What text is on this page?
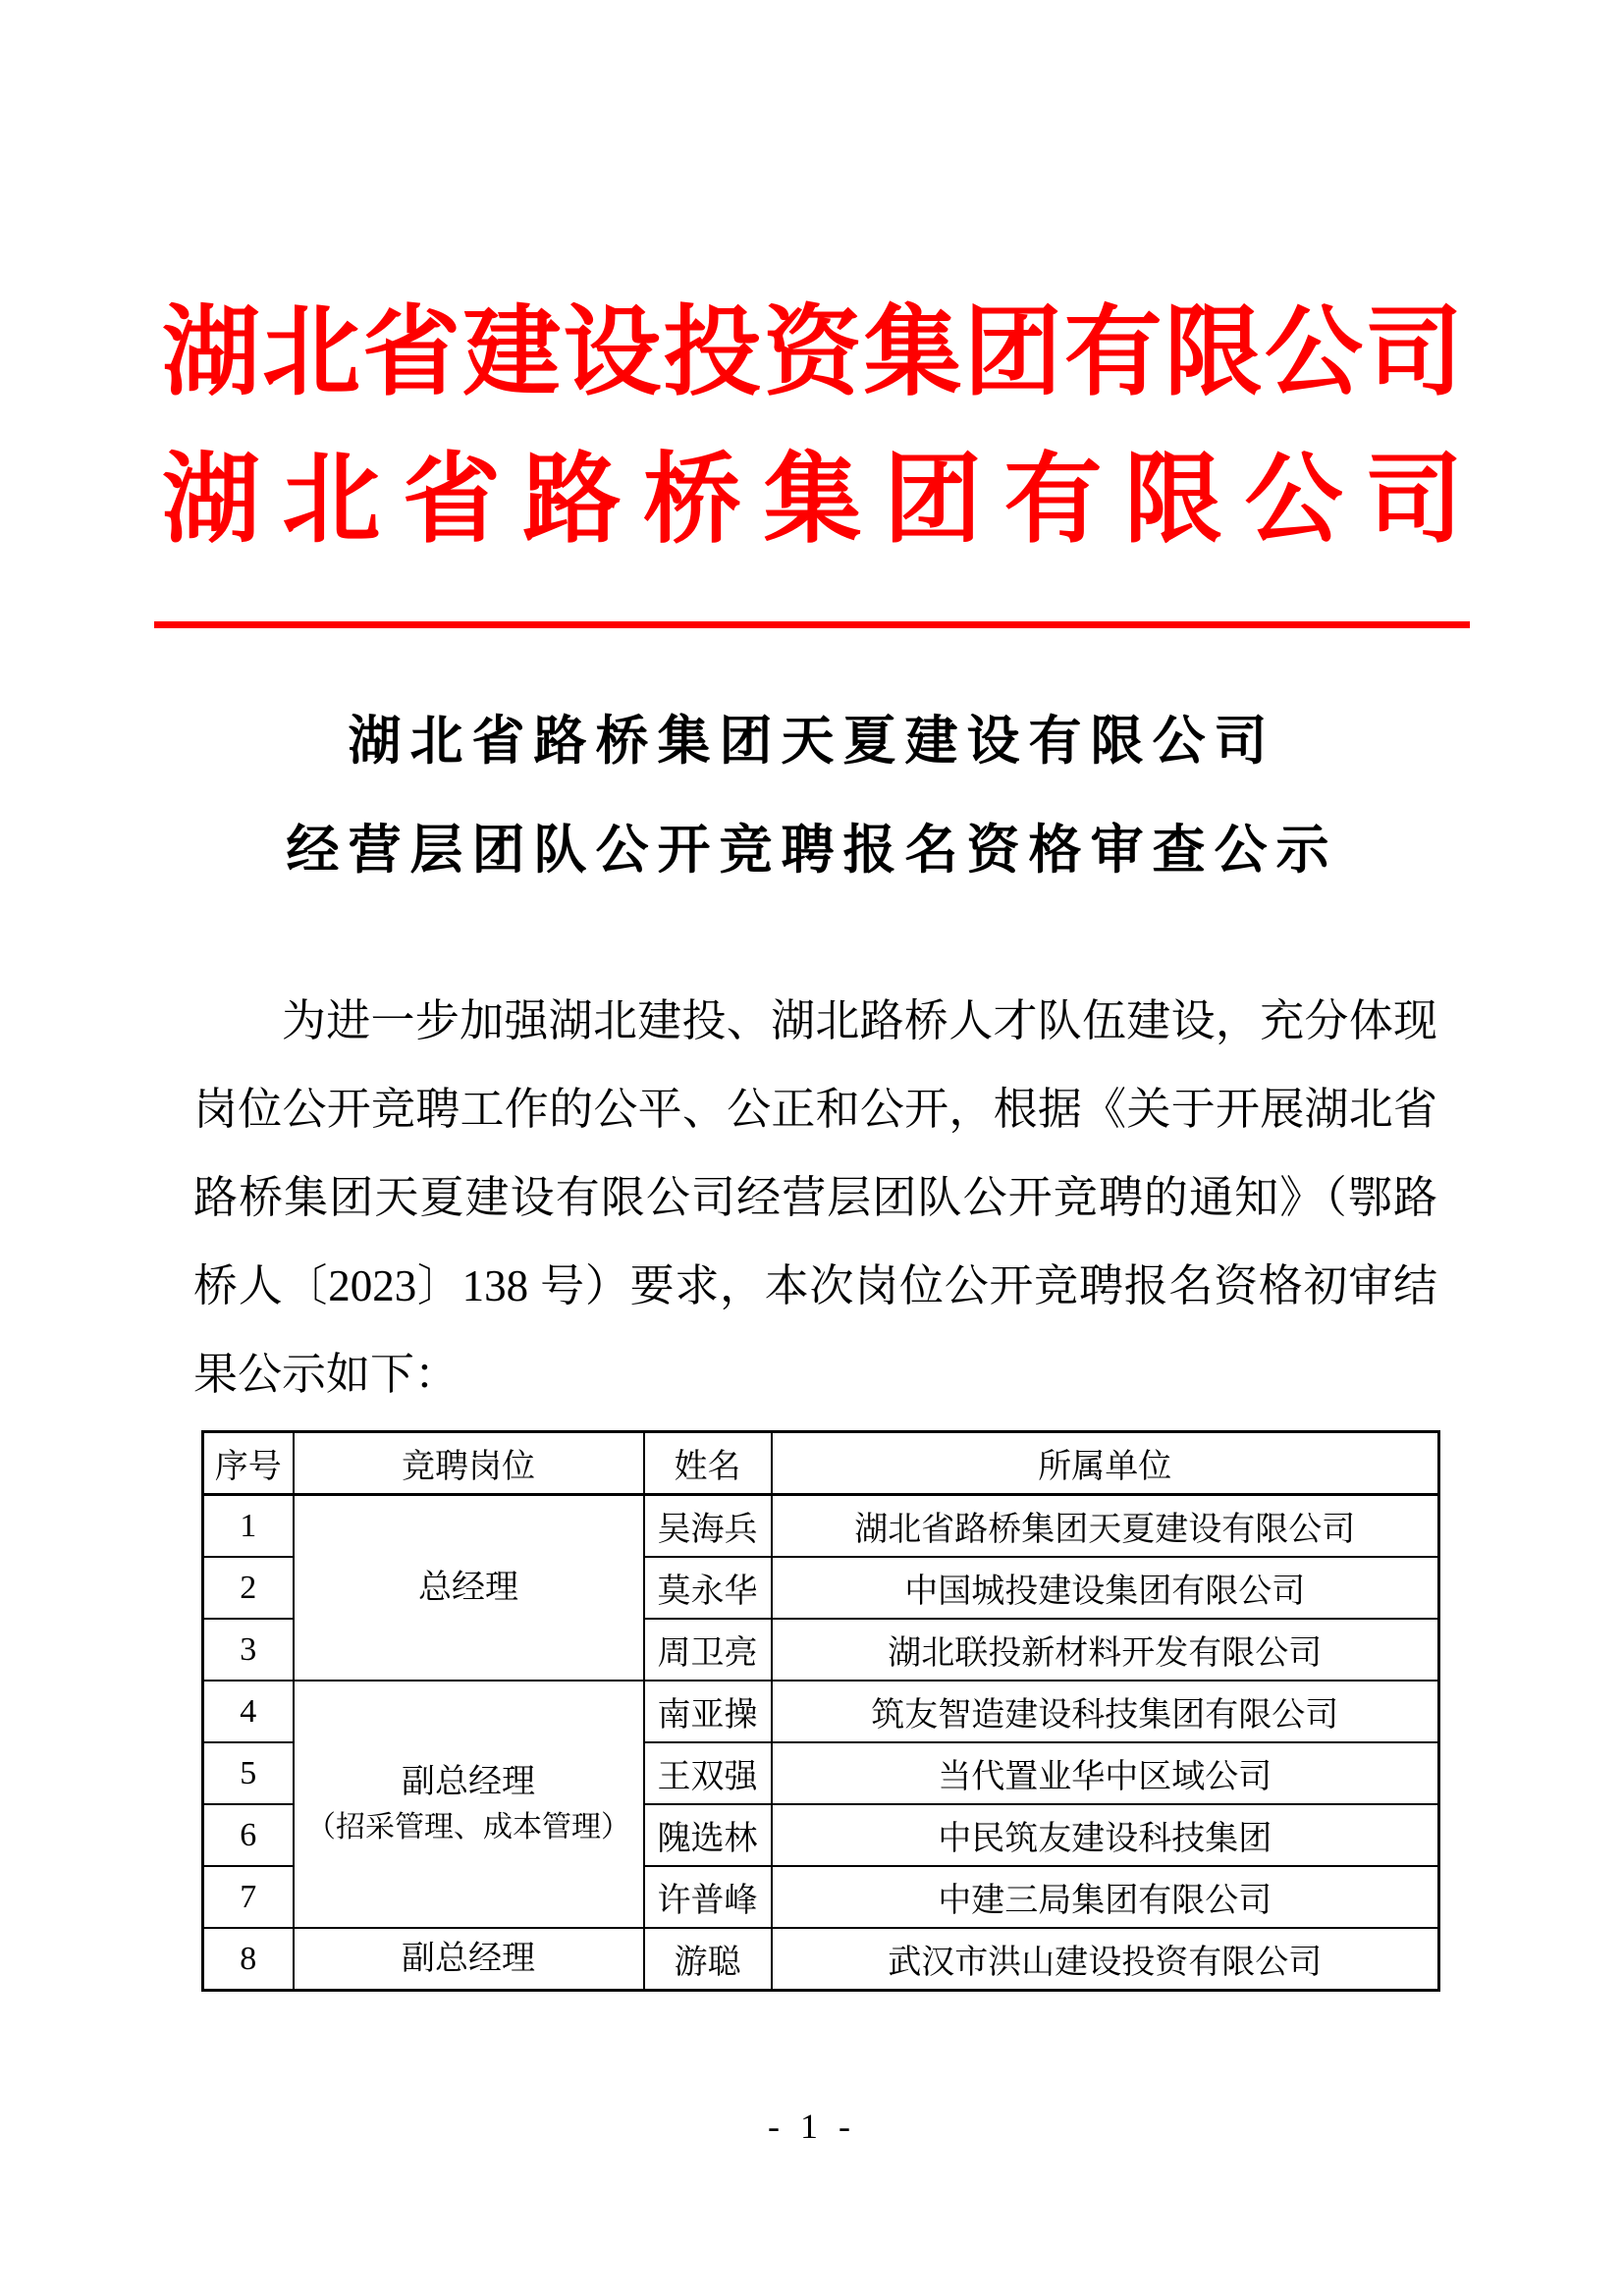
湖 北 省 建 设 投 资 集 团 有 限 公 司
湖 北 省 路 桥 集 团 有 限 公 司
湖北省路桥集团天夏建设有限公司
经营层团队公开竞聘报名资格审查公示
为进一步加强湖北建投、湖北路桥人才队伍建设，充分体现
岗位公开竞聘工作的公平、公正和公开，根据《关于开展湖北省
路桥集团天夏建设有限公司经营层团队公开竞聘的通知》（鄂路
桥人〔2023〕138 号）要求，本次岗位公开竞聘报名资格初审结
果公示如下：
序号	竞聘岗位	姓名	所属单位
1	总经理	吴海兵	湖北省路桥集团天夏建设有限公司
2		莫永华	中国城投建设集团有限公司
3		周卫亮	湖北联投新材料开发有限公司
4	副总经理
（招采管理、成本管理）	南亚操	筑友智造建设科技集团有限公司
5		王双强	当代置业华中区域公司
6		隗选林	中民筑友建设科技集团
7		许普峰	中建三局集团有限公司
8	副总经理	游聪	武汉市洪山建设投资有限公司
- 1 -
